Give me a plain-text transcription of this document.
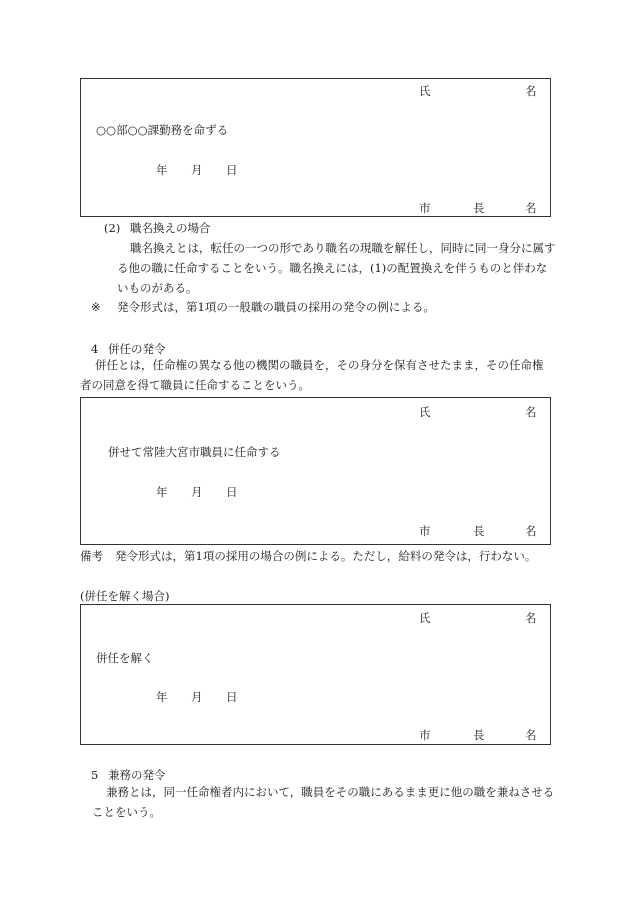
氏	名
○○部○○課勤務を命ずる
年 月 日
市	長	名
(2) 職名換えの場合
職名換えとは，転任の一つの形であり職名の現職を解任し，同時に同一身分に属す
る他の職に任命することをいう。職名換えには，(1)の配置換えを伴うものと伴わな
いものがある。
※ 発令形式は，第1項の一般職の職員の採用の発令の例による。
4 併任の発令
併任とは，任命権の異なる他の機関の職員を，その身分を保有させたまま，その任命権
者の同意を得て職員に任命することをいう。
氏	名
併せて常陸大宮市職員に任命する
年 月 日
市	長	名
備考 発令形式は，第1項の採用の場合の例による。ただし，給料の発令は，行わない。
(併任を解く場合)
氏	名
併任を解く
年 月 日
市	長	名
5 兼務の発令
兼務とは，同一任命権者内において，職員をその職にあるまま更に他の職を兼ねさせる
ことをいう。
